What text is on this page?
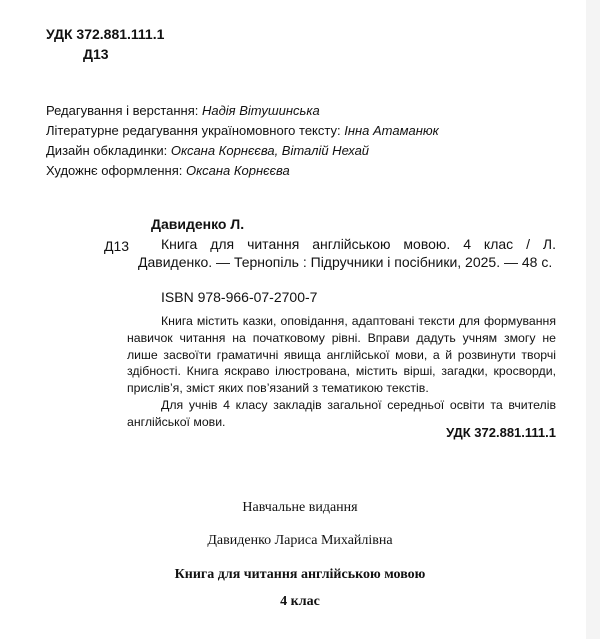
УДК 372.881.111.1
Д13
Редагування і верстання: Надія Вітушинська
Літературне редагування україномовного тексту: Інна Атаманюк
Дизайн обкладинки: Оксана Корнєєва, Віталій Нехай
Художнє оформлення: Оксана Корнєєва
Давиденко Л.
Д13	Книга для читання англійською мовою. 4 клас / Л. Давиденко. — Тернопіль : Підручники і посібники, 2025. — 48 с.

ISBN 978-966-07-2700-7

Книга містить казки, оповідання, адаптовані тексти для формування навичок читання на початковому рівні. Вправи дадуть учням змогу не лише засвоїти граматичні явища англійської мови, а й розвинути творчі здібності. Книга яскраво ілюстрована, містить вірші, загадки, кросворди, прислів’я, зміст яких пов’язаний з тематикою текстів.

Для учнів 4 класу закладів загальної середньої освіти та вчителів англійської мови.

УДК 372.881.111.1
Навчальне видання
Давиденко Лариса Михайлівна
Книга для читання англійською мовою
4 клас
